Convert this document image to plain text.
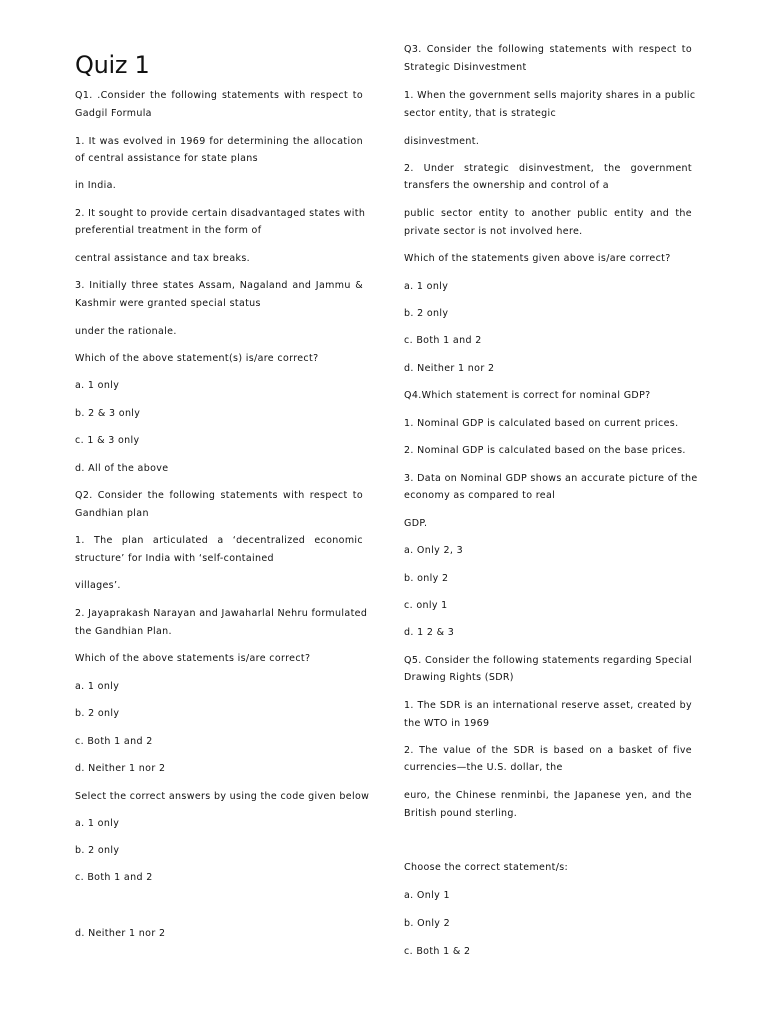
Quiz 1
Q1. .Consider the following statements with respect to
Gadgil Formula
1. It was evolved in 1969 for determining the allocation
of central assistance for state plans
in India.
2. It sought to provide certain disadvantaged states with
preferential treatment in the form of
central assistance and tax breaks.
3. Initially three states Assam, Nagaland and Jammu &
Kashmir were granted special status
under the rationale.
Which of the above statement(s) is/are correct?
a. 1 only
b. 2 & 3 only
c. 1 & 3 only
d. All of the above
Q2. Consider the following statements with respect to
Gandhian plan
1. The plan articulated a ‘decentralized economic
structure’ for India with ‘self-contained
villages’.
2. Jayaprakash Narayan and Jawaharlal Nehru formulated
the Gandhian Plan.
Which of the above statements is/are correct?
a. 1 only
b. 2 only
c. Both 1 and 2
d. Neither 1 nor 2
Select the correct answers by using the code given below
a. 1 only
b. 2 only
c. Both 1 and 2
d. Neither 1 nor 2
Q3. Consider the following statements with respect to
Strategic Disinvestment
1. When the government sells majority shares in a public
sector entity, that is strategic
disinvestment.
2. Under strategic disinvestment, the government
transfers the ownership and control of a
public sector entity to another public entity and the
private sector is not involved here.
Which of the statements given above is/are correct?
a. 1 only
b. 2 only
c. Both 1 and 2
d. Neither 1 nor 2
Q4.Which statement is correct for nominal GDP?
1. Nominal GDP is calculated based on current prices.
2. Nominal GDP is calculated based on the base prices.
3. Data on Nominal GDP shows an accurate picture of the
economy as compared to real
GDP.
a. Only 2, 3
b. only 2
c. only 1
d. 1 2 & 3
Q5. Consider the following statements regarding Special
Drawing Rights (SDR)
1. The SDR is an international reserve asset, created by
the WTO in 1969
2. The value of the SDR is based on a basket of five
currencies—the U.S. dollar, the
euro, the Chinese renminbi, the Japanese yen, and the
British pound sterling.
Choose the correct statement/s:
a. Only 1
b. Only 2
c. Both 1 & 2
